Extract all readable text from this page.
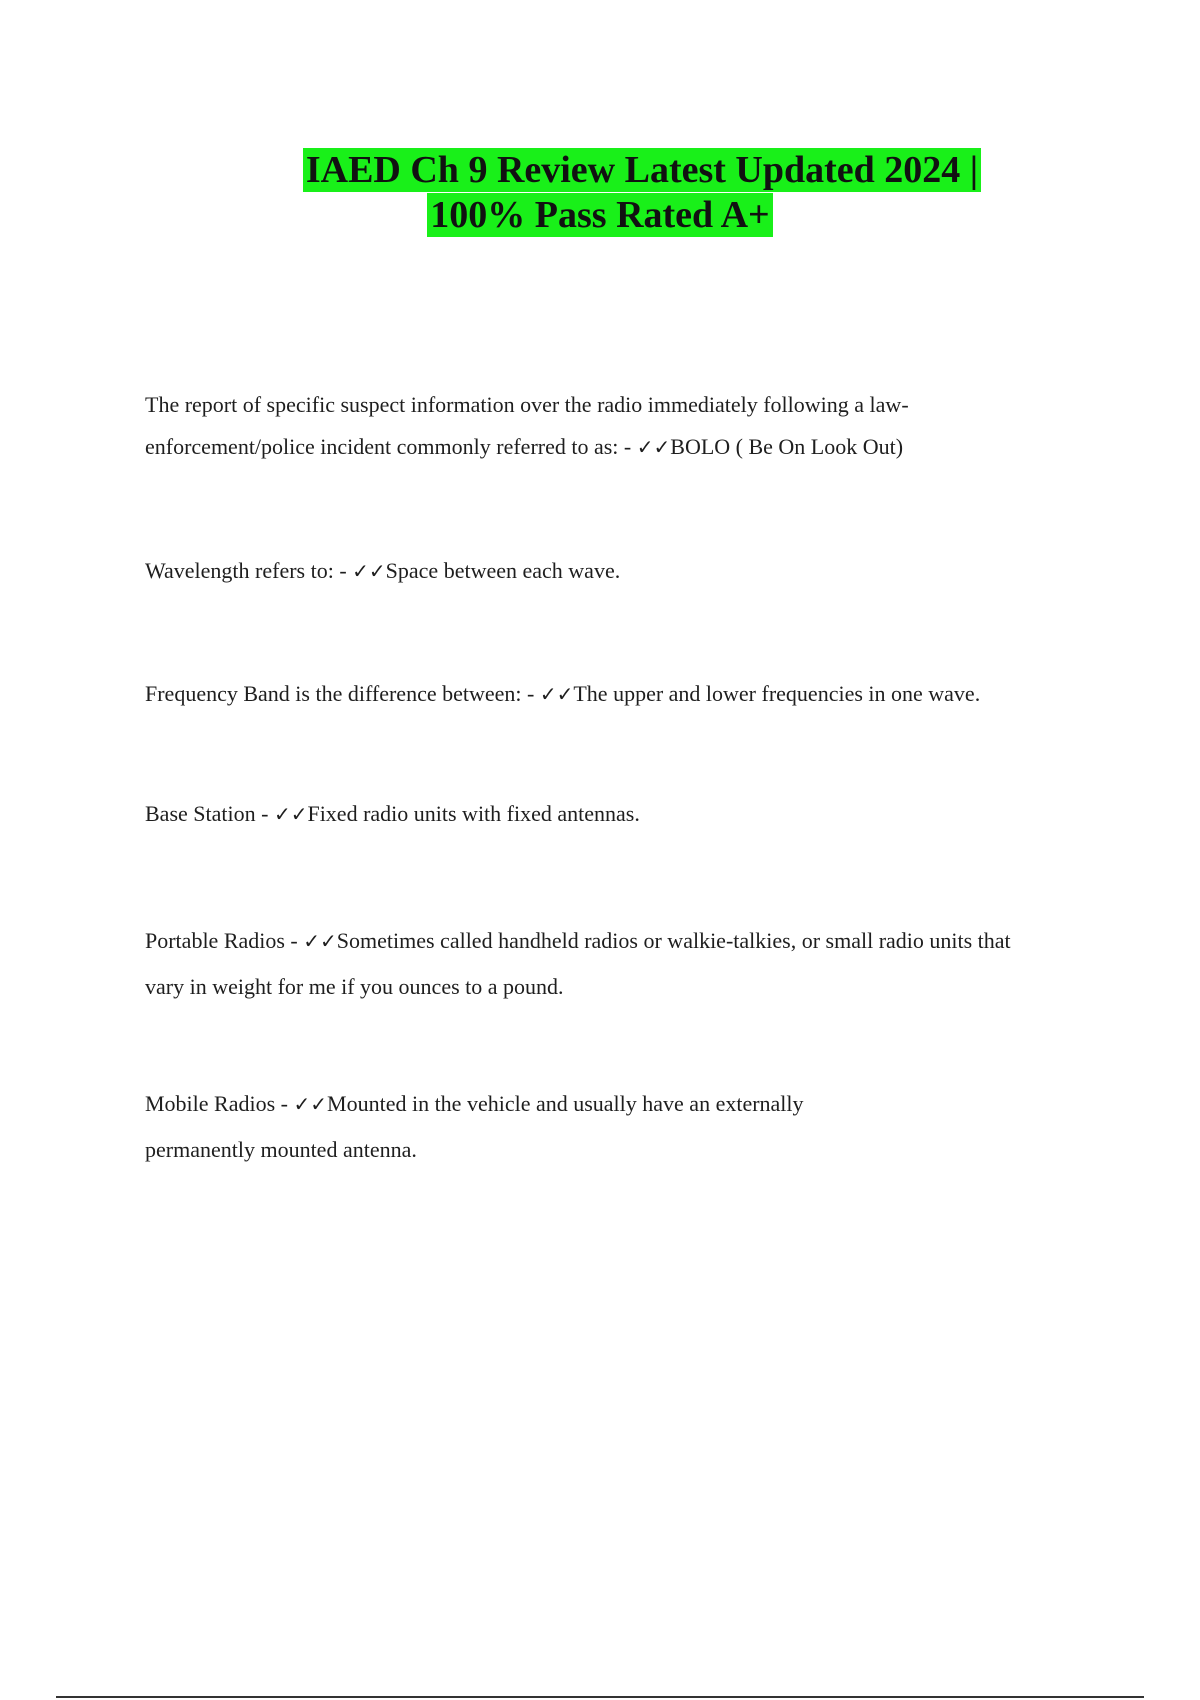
IAED Ch 9 Review Latest Updated 2024 |
100% Pass Rated A+
The report of specific suspect information over the radio immediately following a law-enforcement/police incident commonly referred to as: - ✓✓BOLO ( Be On Look Out)
Wavelength refers to: - ✓✓Space between each wave.
Frequency Band is the difference between: - ✓✓The upper and lower frequencies in one wave.
Base Station - ✓✓Fixed radio units with fixed antennas.
Portable Radios - ✓✓Sometimes called handheld radios or walkie-talkies, or small radio units that vary in weight for me if you ounces to a pound.
Mobile Radios - ✓✓Mounted in the vehicle and usually have an externally permanently mounted antenna.
